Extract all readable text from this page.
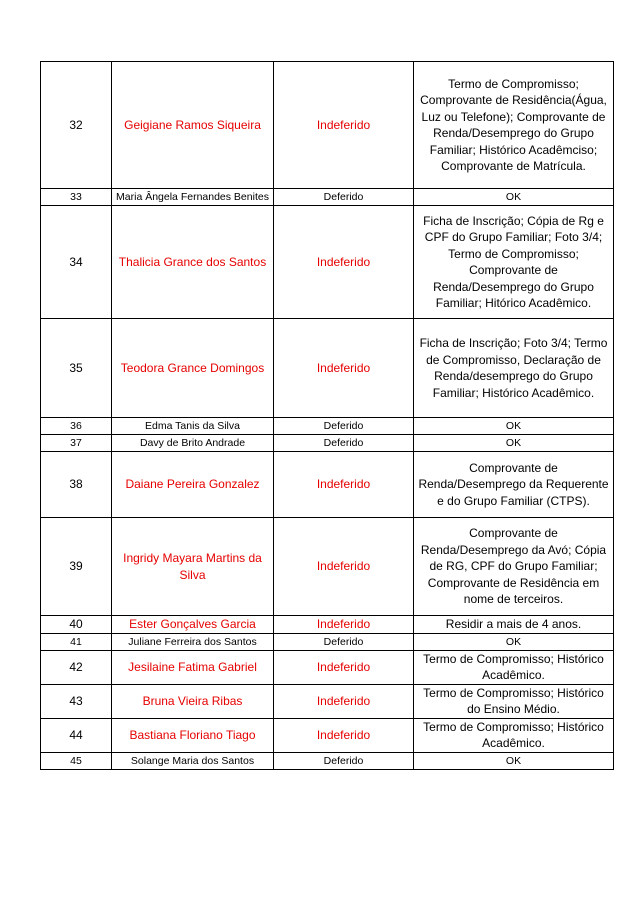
32	Geigiane Ramos Siqueira	Indeferido	Termo de Compromisso; Comprovante de Residência(Água, Luz ou Telefone); Comprovante de Renda/Desemprego do Grupo Familiar; Histórico Acadêmciso; Comprovante de Matrícula.
33	Maria Ângela Fernandes Benites	Deferido	OK
34	Thalicia Grance dos Santos	Indeferido	Ficha de Inscrição; Cópia de Rg e CPF do Grupo Familiar; Foto 3/4; Termo de Compromisso; Comprovante de Renda/Desemprego do Grupo Familiar; Hitórico Acadêmico.
35	Teodora Grance Domingos	Indeferido	Ficha de Inscrição; Foto 3/4; Termo de Compromisso, Declaração de Renda/desemprego do Grupo Familiar; Histórico Acadêmico.
36	Edma Tanis da Silva	Deferido	OK
37	Davy de Brito Andrade	Deferido	OK
38	Daiane Pereira Gonzalez	Indeferido	Comprovante de Renda/Desemprego da Requerente e do Grupo Familiar (CTPS).
39	Ingridy Mayara Martins da Silva	Indeferido	Comprovante de Renda/Desemprego da Avó; Cópia de RG, CPF do Grupo Familiar; Comprovante de Residência em nome de terceiros.
40	Ester Gonçalves Garcia	Indeferido	Residir a mais de 4 anos.
41	Juliane Ferreira dos Santos	Deferido	OK
42	Jesilaine Fatima Gabriel	Indeferido	Termo de Compromisso; Histórico Acadêmico.
43	Bruna Vieira Ribas	Indeferido	Termo de Compromisso; Histórico do Ensino Médio.
44	Bastiana Floriano Tiago	Indeferido	Termo de Compromisso; Histórico Acadêmico.
45	Solange Maria dos Santos	Deferido	OK
